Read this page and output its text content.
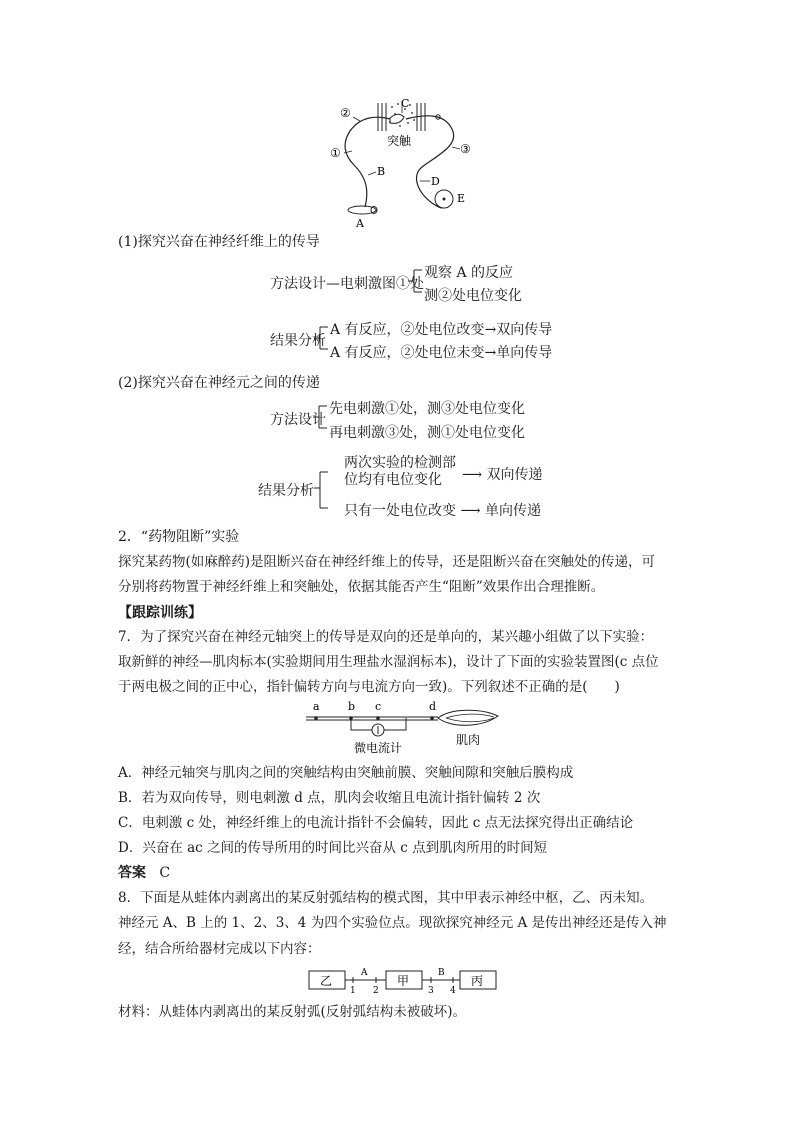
C
②
①
突触
③
B
D
E
A
(1)探究兴奋在神经纤维上的传导
方法设计—电刺激图①处
观察 A 的反应
测②处电位变化
结果分析
A 有反应，②处电位改变→双向传导
A 有反应，②处电位未变→单向传导
(2)探究兴奋在神经元之间的传递
方法设计
先电刺激①处，测③处电位变化
再电刺激③处，测①处电位变化
结果分析
两次实验的检测部
位均有电位变化	⟶ 双向传递
只有一处电位改变 ⟶ 单向传递
2．“药物阻断”实验
探究某药物(如麻醉药)是阻断兴奋在神经纤维上的传导，还是阻断兴奋在突触处的传递，可
分别将药物置于神经纤维上和突触处，依据其能否产生“阻断”效果作出合理推断。
【跟踪训练】
7．为了探究兴奋在神经元轴突上的传导是双向的还是单向的，某兴趣小组做了以下实验：
取新鲜的神经—肌肉标本(实验期间用生理盐水湿润标本)，设计了下面的实验装置图(c 点位
于两电极之间的正中心，指针偏转方向与电流方向一致)。下列叙述不正确的是(　　)
a	b c	d
微电流计
肌肉
A．神经元轴突与肌肉之间的突触结构由突触前膜、突触间隙和突触后膜构成
B．若为双向传导，则电刺激 d 点，肌肉会收缩且电流计指针偏转 2 次
C．电刺激 c 处，神经纤维上的电流计指针不会偏转，因此 c 点无法探究得出正确结论
D．兴奋在 ac 之间的传导所用的时间比兴奋从 c 点到肌肉所用的时间短
答案 C
8．下面是从蛙体内剥离出的某反射弧结构的模式图，其中甲表示神经中枢，乙、丙未知。
神经元 A、B 上的 1、2、3、4 为四个实验位点。现欲探究神经元 A 是传出神经还是传入神
经，结合所给器材完成以下内容：
乙	甲	丙
A	B
1 2	3 4
材料：从蛙体内剥离出的某反射弧(反射弧结构未被破坏)。
